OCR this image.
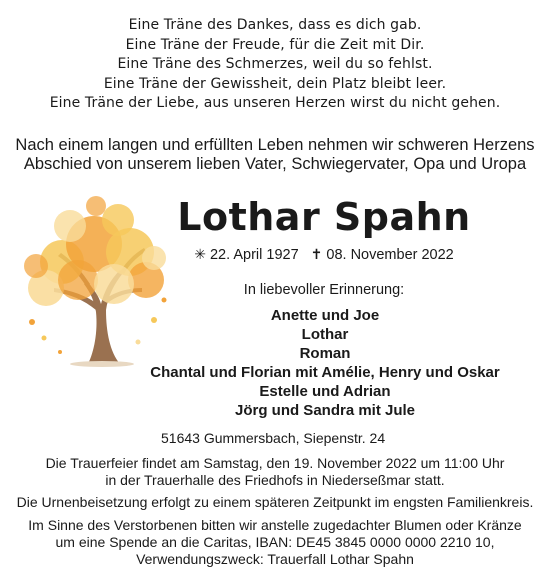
Eine Träne des Dankes, dass es dich gab.
Eine Träne der Freude, für die Zeit mit Dir.
Eine Träne des Schmerzes, weil du so fehlst.
Eine Träne der Gewissheit, dein Platz bleibt leer.
Eine Träne der Liebe, aus unseren Herzen wirst du nicht gehen.
Nach einem langen und erfüllten Leben nehmen wir schweren Herzens
Abschied von unserem lieben Vater, Schwiegervater, Opa und Uropa
Lothar Spahn
✳ 22. April 1927 ✝ 08. November 2022
In liebevoller Erinnerung:
Anette und Joe
Lothar
Roman
Chantal und Florian mit Amélie, Henry und Oskar
Estelle und Adrian
Jörg und Sandra mit Jule
51643 Gummersbach, Siepenstr. 24
Die Trauerfeier findet am Samstag, den 19. November 2022 um 11:00 Uhr
in der Trauerhalle des Friedhofs in Niederseßmar statt.
Die Urnenbeisetzung erfolgt zu einem späteren Zeitpunkt im engsten Familienkreis.
Im Sinne des Verstorbenen bitten wir anstelle zugedachter Blumen oder Kränze
um eine Spende an die Caritas, IBAN: DE45 3845 0000 0000 2210 10,
Verwendungszweck: Trauerfall Lothar Spahn
